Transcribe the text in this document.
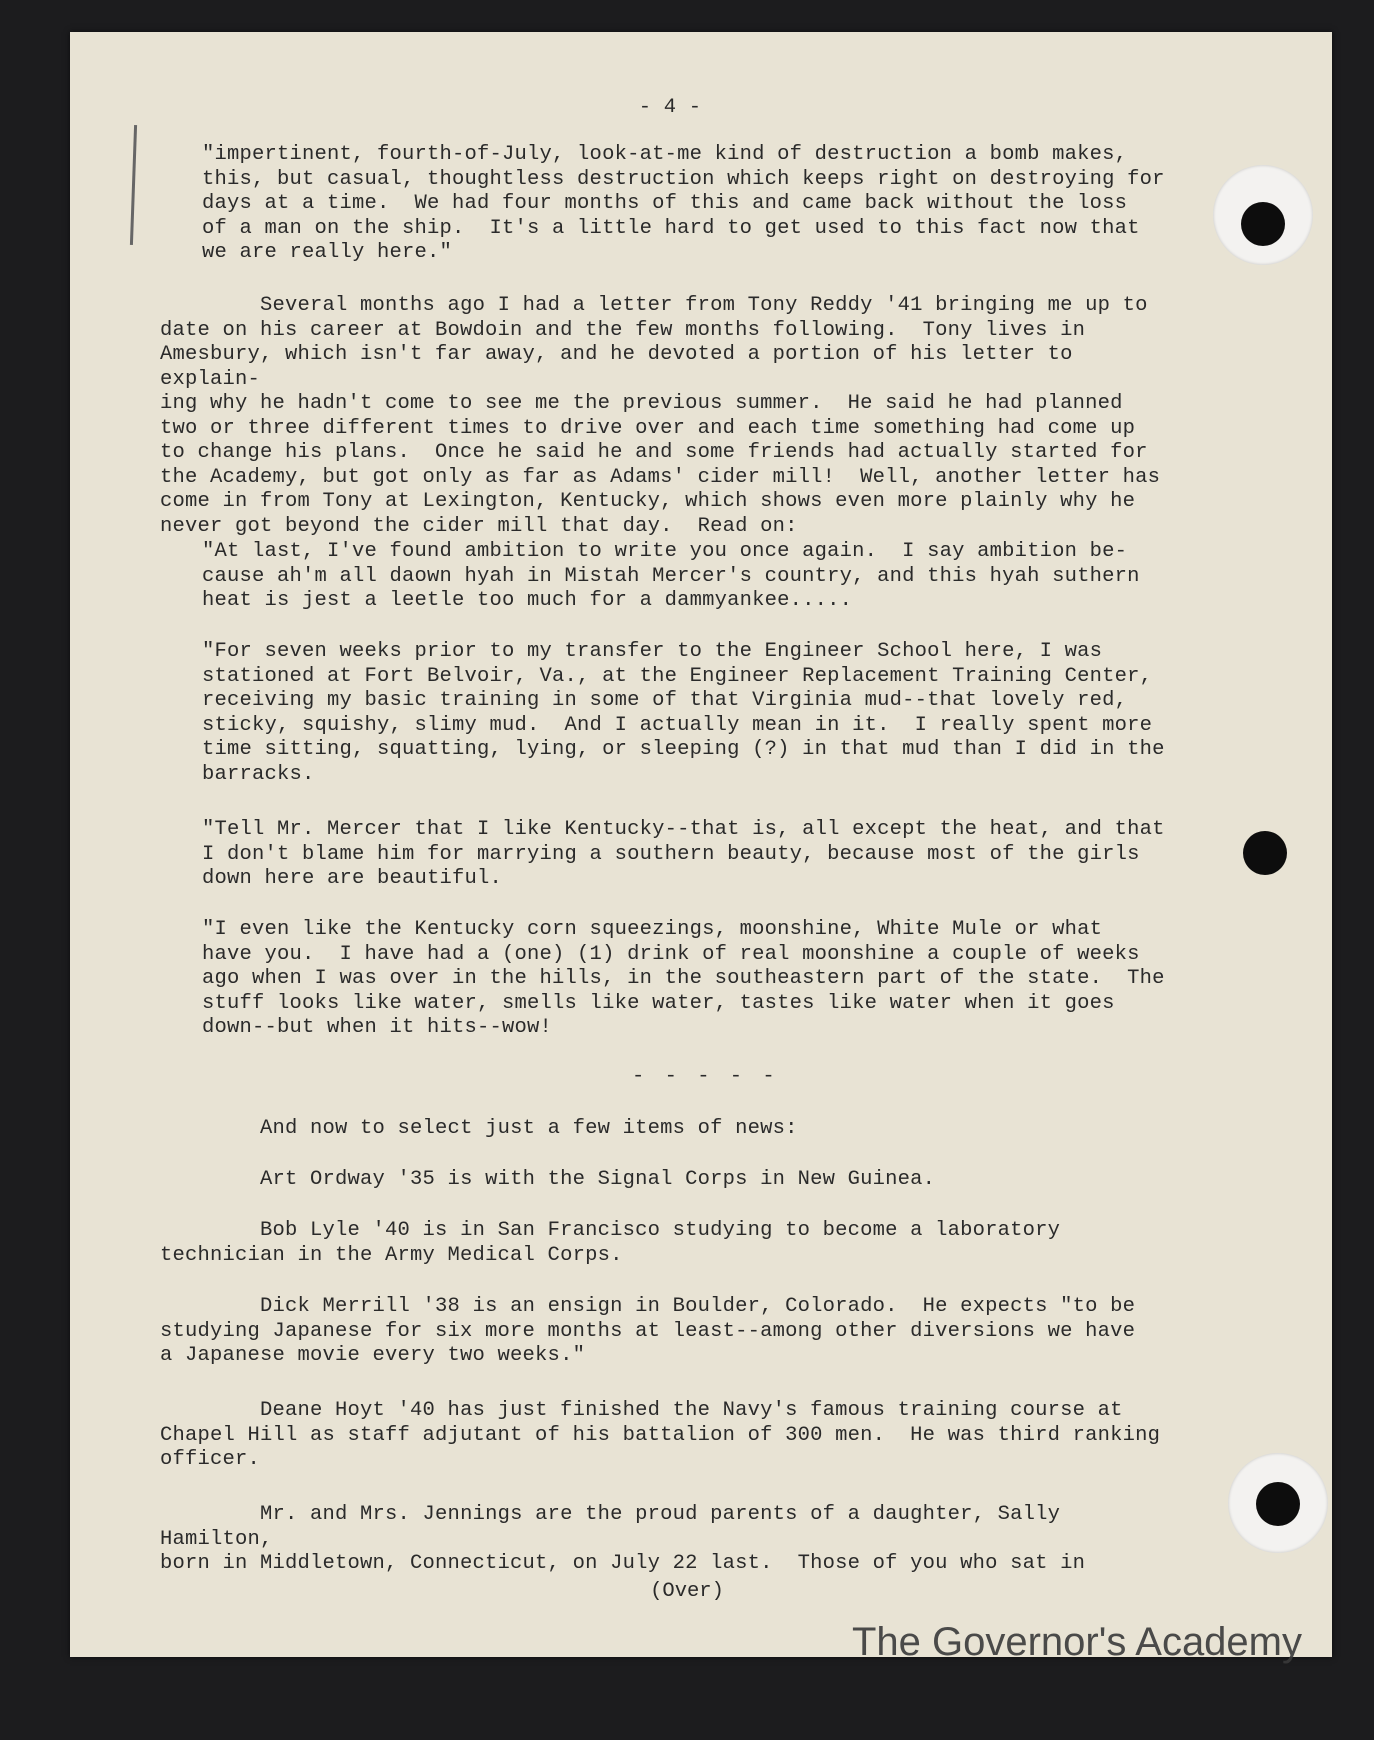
- 4 -
"impertinent, fourth-of-July, look-at-me kind of destruction a bomb makes,
this, but casual, thoughtless destruction which keeps right on destroying for
days at a time.  We had four months of this and came back without the loss
of a man on the ship.  It's a little hard to get used to this fact now that
we are really here."
Several months ago I had a letter from Tony Reddy '41 bringing me up to
date on his career at Bowdoin and the few months following.  Tony lives in
Amesbury, which isn't far away, and he devoted a portion of his letter to explain-
ing why he hadn't come to see me the previous summer.  He said he had planned
two or three different times to drive over and each time something had come up
to change his plans.  Once he said he and some friends had actually started for
the Academy, but got only as far as Adams' cider mill!  Well, another letter has
come in from Tony at Lexington, Kentucky, which shows even more plainly why he
never got beyond the cider mill that day.  Read on:
"At last, I've found ambition to write you once again.  I say ambition be-
cause ah'm all daown hyah in Mistah Mercer's country, and this hyah suthern
heat is jest a leetle too much for a dammyankee.....
"For seven weeks prior to my transfer to the Engineer School here, I was
stationed at Fort Belvoir, Va., at the Engineer Replacement Training Center,
receiving my basic training in some of that Virginia mud--that lovely red,
sticky, squishy, slimy mud.  And I actually mean in it.  I really spent more
time sitting, squatting, lying, or sleeping (?) in that mud than I did in the
barracks.
"Tell Mr. Mercer that I like Kentucky--that is, all except the heat, and that
I don't blame him for marrying a southern beauty, because most of the girls
down here are beautiful.
"I even like the Kentucky corn squeezings, moonshine, White Mule or what
have you.  I have had a (one) (1) drink of real moonshine a couple of weeks
ago when I was over in the hills, in the southeastern part of the state.  The
stuff looks like water, smells like water, tastes like water when it goes
down--but when it hits--wow!
- - - - -
And now to select just a few items of news:
Art Ordway '35 is with the Signal Corps in New Guinea.
Bob Lyle '40 is in San Francisco studying to become a laboratory
technician in the Army Medical Corps.
Dick Merrill '38 is an ensign in Boulder, Colorado.  He expects "to be
studying Japanese for six more months at least--among other diversions we have
a Japanese movie every two weeks."
Deane Hoyt '40 has just finished the Navy's famous training course at
Chapel Hill as staff adjutant of his battalion of 300 men.  He was third ranking
officer.
Mr. and Mrs. Jennings are the proud parents of a daughter, Sally Hamilton,
born in Middletown, Connecticut, on July 22 last.  Those of you who sat in
(Over)
The Governor's Academy
